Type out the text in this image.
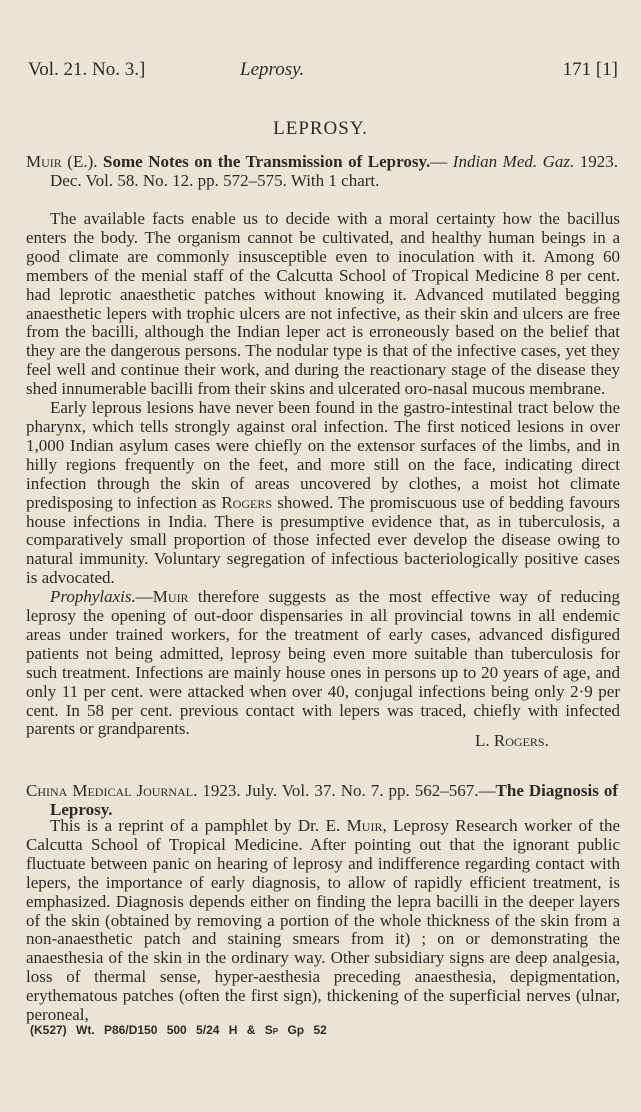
Vol. 21. No. 3.]	Leprosy.	171 [1]
LEPROSY.

Muir (E.). Some Notes on the Transmission of Leprosy.— Indian Med. Gaz. 1923. Dec. Vol. 58. No. 12. pp. 572–575. With 1 chart.

The available facts enable us to decide with a moral certainty how the bacillus enters the body. The organism cannot be cultivated, and healthy human beings in a good climate are commonly insusceptible even to inoculation with it. Among 60 members of the menial staff of the Calcutta School of Tropical Medicine 8 per cent. had leprotic anaesthetic patches without knowing it. Advanced mutilated begging anaesthetic lepers with trophic ulcers are not infective, as their skin and ulcers are free from the bacilli, although the Indian leper act is erroneously based on the belief that they are the dangerous persons. The nodular type is that of the infective cases, yet they feel well and continue their work, and during the reactionary stage of the disease they shed innumerable bacilli from their skins and ulcerated oro-nasal mucous membrane.

Early leprous lesions have never been found in the gastro-intestinal tract below the pharynx, which tells strongly against oral infection. The first noticed lesions in over 1,000 Indian asylum cases were chiefly on the extensor surfaces of the limbs, and in hilly regions frequently on the feet, and more still on the face, indicating direct infection through the skin of areas uncovered by clothes, a moist hot climate predisposing to infection as Rogers showed. The promiscuous use of bedding favours house infections in India. There is presumptive evidence that, as in tuberculosis, a comparatively small proportion of those infected ever develop the disease owing to natural immunity. Voluntary segregation of infectious bacteriologically positive cases is advocated.

Prophylaxis.—Muir therefore suggests as the most effective way of reducing leprosy the opening of out-door dispensaries in all provincial towns in all endemic areas under trained workers, for the treatment of early cases, advanced disfigured patients not being admitted, leprosy being even more suitable than tuberculosis for such treatment. Infections are mainly house ones in persons up to 20 years of age, and only 11 per cent. were attacked when over 40, conjugal infections being only 2·9 per cent. In 58 per cent. previous contact with lepers was traced, chiefly with infected parents or grandparents.

L. Rogers.

China Medical Journal. 1923. July. Vol. 37. No. 7. pp. 562–567.—The Diagnosis of Leprosy.

This is a reprint of a pamphlet by Dr. E. Muir, Leprosy Research worker of the Calcutta School of Tropical Medicine. After pointing out that the ignorant public fluctuate between panic on hearing of leprosy and indifference regarding contact with lepers, the importance of early diagnosis, to allow of rapidly efficient treatment, is emphasized. Diagnosis depends either on finding the lepra bacilli in the deeper layers of the skin (obtained by removing a portion of the whole thickness of the skin from a non-anaesthetic patch and staining smears from it) ; on or demonstrating the anaesthesia of the skin in the ordinary way. Other subsidiary signs are deep analgesia, loss of thermal sense, hyper-aesthesia preceding anaesthesia, depigmentation, erythematous patches (often the first sign), thickening of the superficial nerves (ulnar, peroneal,

(K527) Wt. P86/D150 500 5/24 H & Sp Gp 52
